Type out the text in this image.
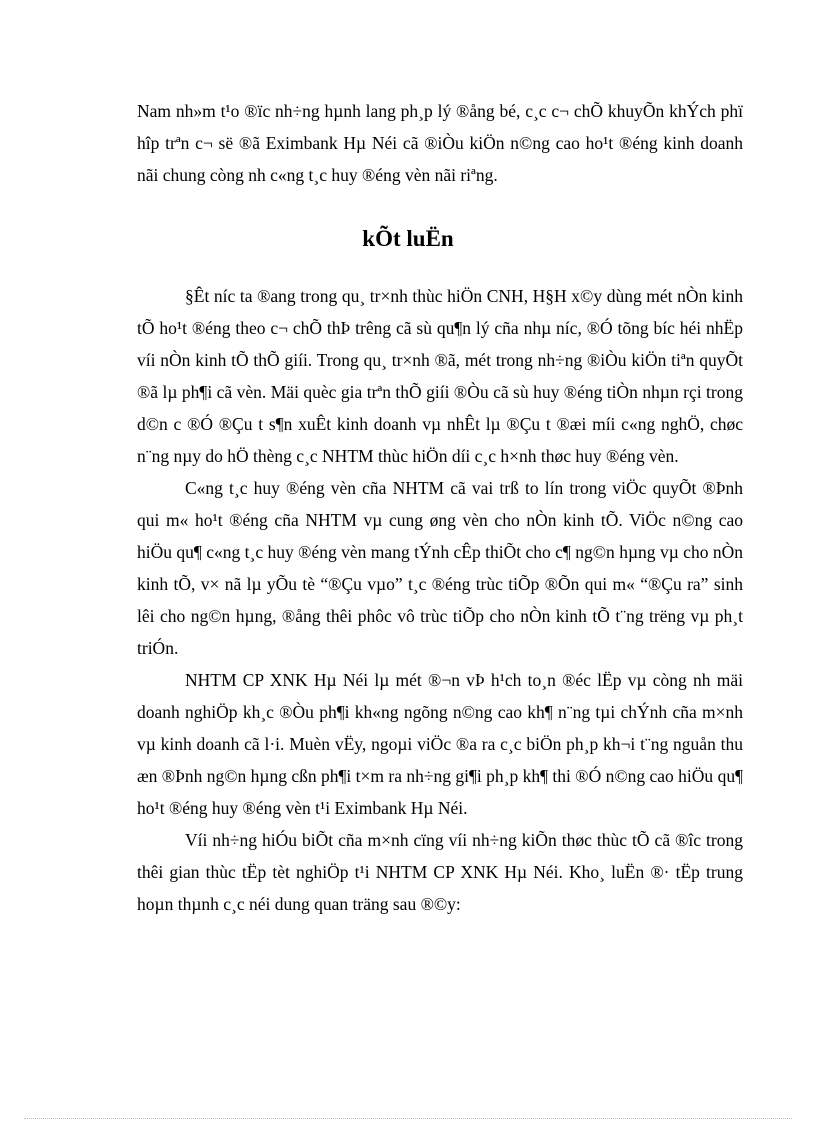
Nam nh»m t¹o ®ïc nh÷ng hµnh lang ph¸p lý ®ång bé, c¸c c¬ chÕ khuyÕn khÝch phï hîp trªn c¬ së ®ã Eximbank Hµ Néi cã ®iÒu kiÖn n©ng cao ho¹t ®éng kinh doanh nãi chung còng nh c«ng t¸c huy ®éng vèn nãi riªng.

kÕt luËn

§Êt níc ta ®ang trong qu¸ tr×nh thùc hiÖn CNH, H§H x©y dùng mét nÒn kinh tÕ ho¹t ®éng theo c¬ chÕ thÞ trêng cã sù qu¶n lý cña nhµ níc, ®Ó tõng bíc héi nhËp víi nÒn kinh tÕ thÕ giíi. Trong qu¸ tr×nh ®ã, mét trong nh÷ng ®iÒu kiÖn tiªn quyÕt ®ã lµ ph¶i cã vèn. Mäi quèc gia trªn thÕ giíi ®Òu cã sù huy ®éng tiÒn nhµn rçi trong d©n c ®Ó ®Çu t s¶n xuÊt kinh doanh vµ nhÊt lµ ®Çu t ®æi míi c«ng nghÖ, chøc n¨ng nµy do hÖ thèng c¸c NHTM thùc hiÖn díi c¸c h×nh thøc huy ®éng vèn.

C«ng t¸c huy ®éng vèn cña NHTM cã vai trß to lín trong viÖc quyÕt ®Þnh qui m« ho¹t ®éng cña NHTM vµ cung øng vèn cho nÒn kinh tÕ. ViÖc n©ng cao hiÖu qu¶ c«ng t¸c huy ®éng vèn mang tÝnh cÊp thiÕt cho c¶ ng©n hµng vµ cho nÒn kinh tÕ, v× nã lµ yÕu tè “®Çu vµo” t¸c ®éng trùc tiÕp ®Õn qui m« “®Çu ra” sinh lêi cho ng©n hµng, ®ång thêi phôc vô trùc tiÕp cho nÒn kinh tÕ t¨ng trëng vµ ph¸t triÓn.

NHTM CP XNK Hµ Néi lµ mét ®¬n vÞ h¹ch to¸n ®éc lËp vµ còng nh mäi doanh nghiÖp kh¸c ®Òu ph¶i kh«ng ngõng n©ng cao kh¶ n¨ng tµi chÝnh cña m×nh vµ kinh doanh cã l·i. Muèn vËy, ngoµi viÖc ®a ra c¸c biÖn ph¸p kh¬i t¨ng nguån thu æn ®Þnh ng©n hµng cßn ph¶i t×m ra nh÷ng gi¶i ph¸p kh¶ thi ®Ó n©ng cao hiÖu qu¶ ho¹t ®éng huy ®éng vèn t¹i Eximbank Hµ Néi.

Víi nh÷ng hiÓu biÕt cña m×nh cïng víi nh÷ng kiÕn thøc thùc tÕ cã ®îc trong thêi gian thùc tËp tèt nghiÖp t¹i NHTM CP XNK Hµ Néi. Kho¸ luËn ®· tËp trung hoµn thµnh c¸c néi dung quan träng sau ®©y:
